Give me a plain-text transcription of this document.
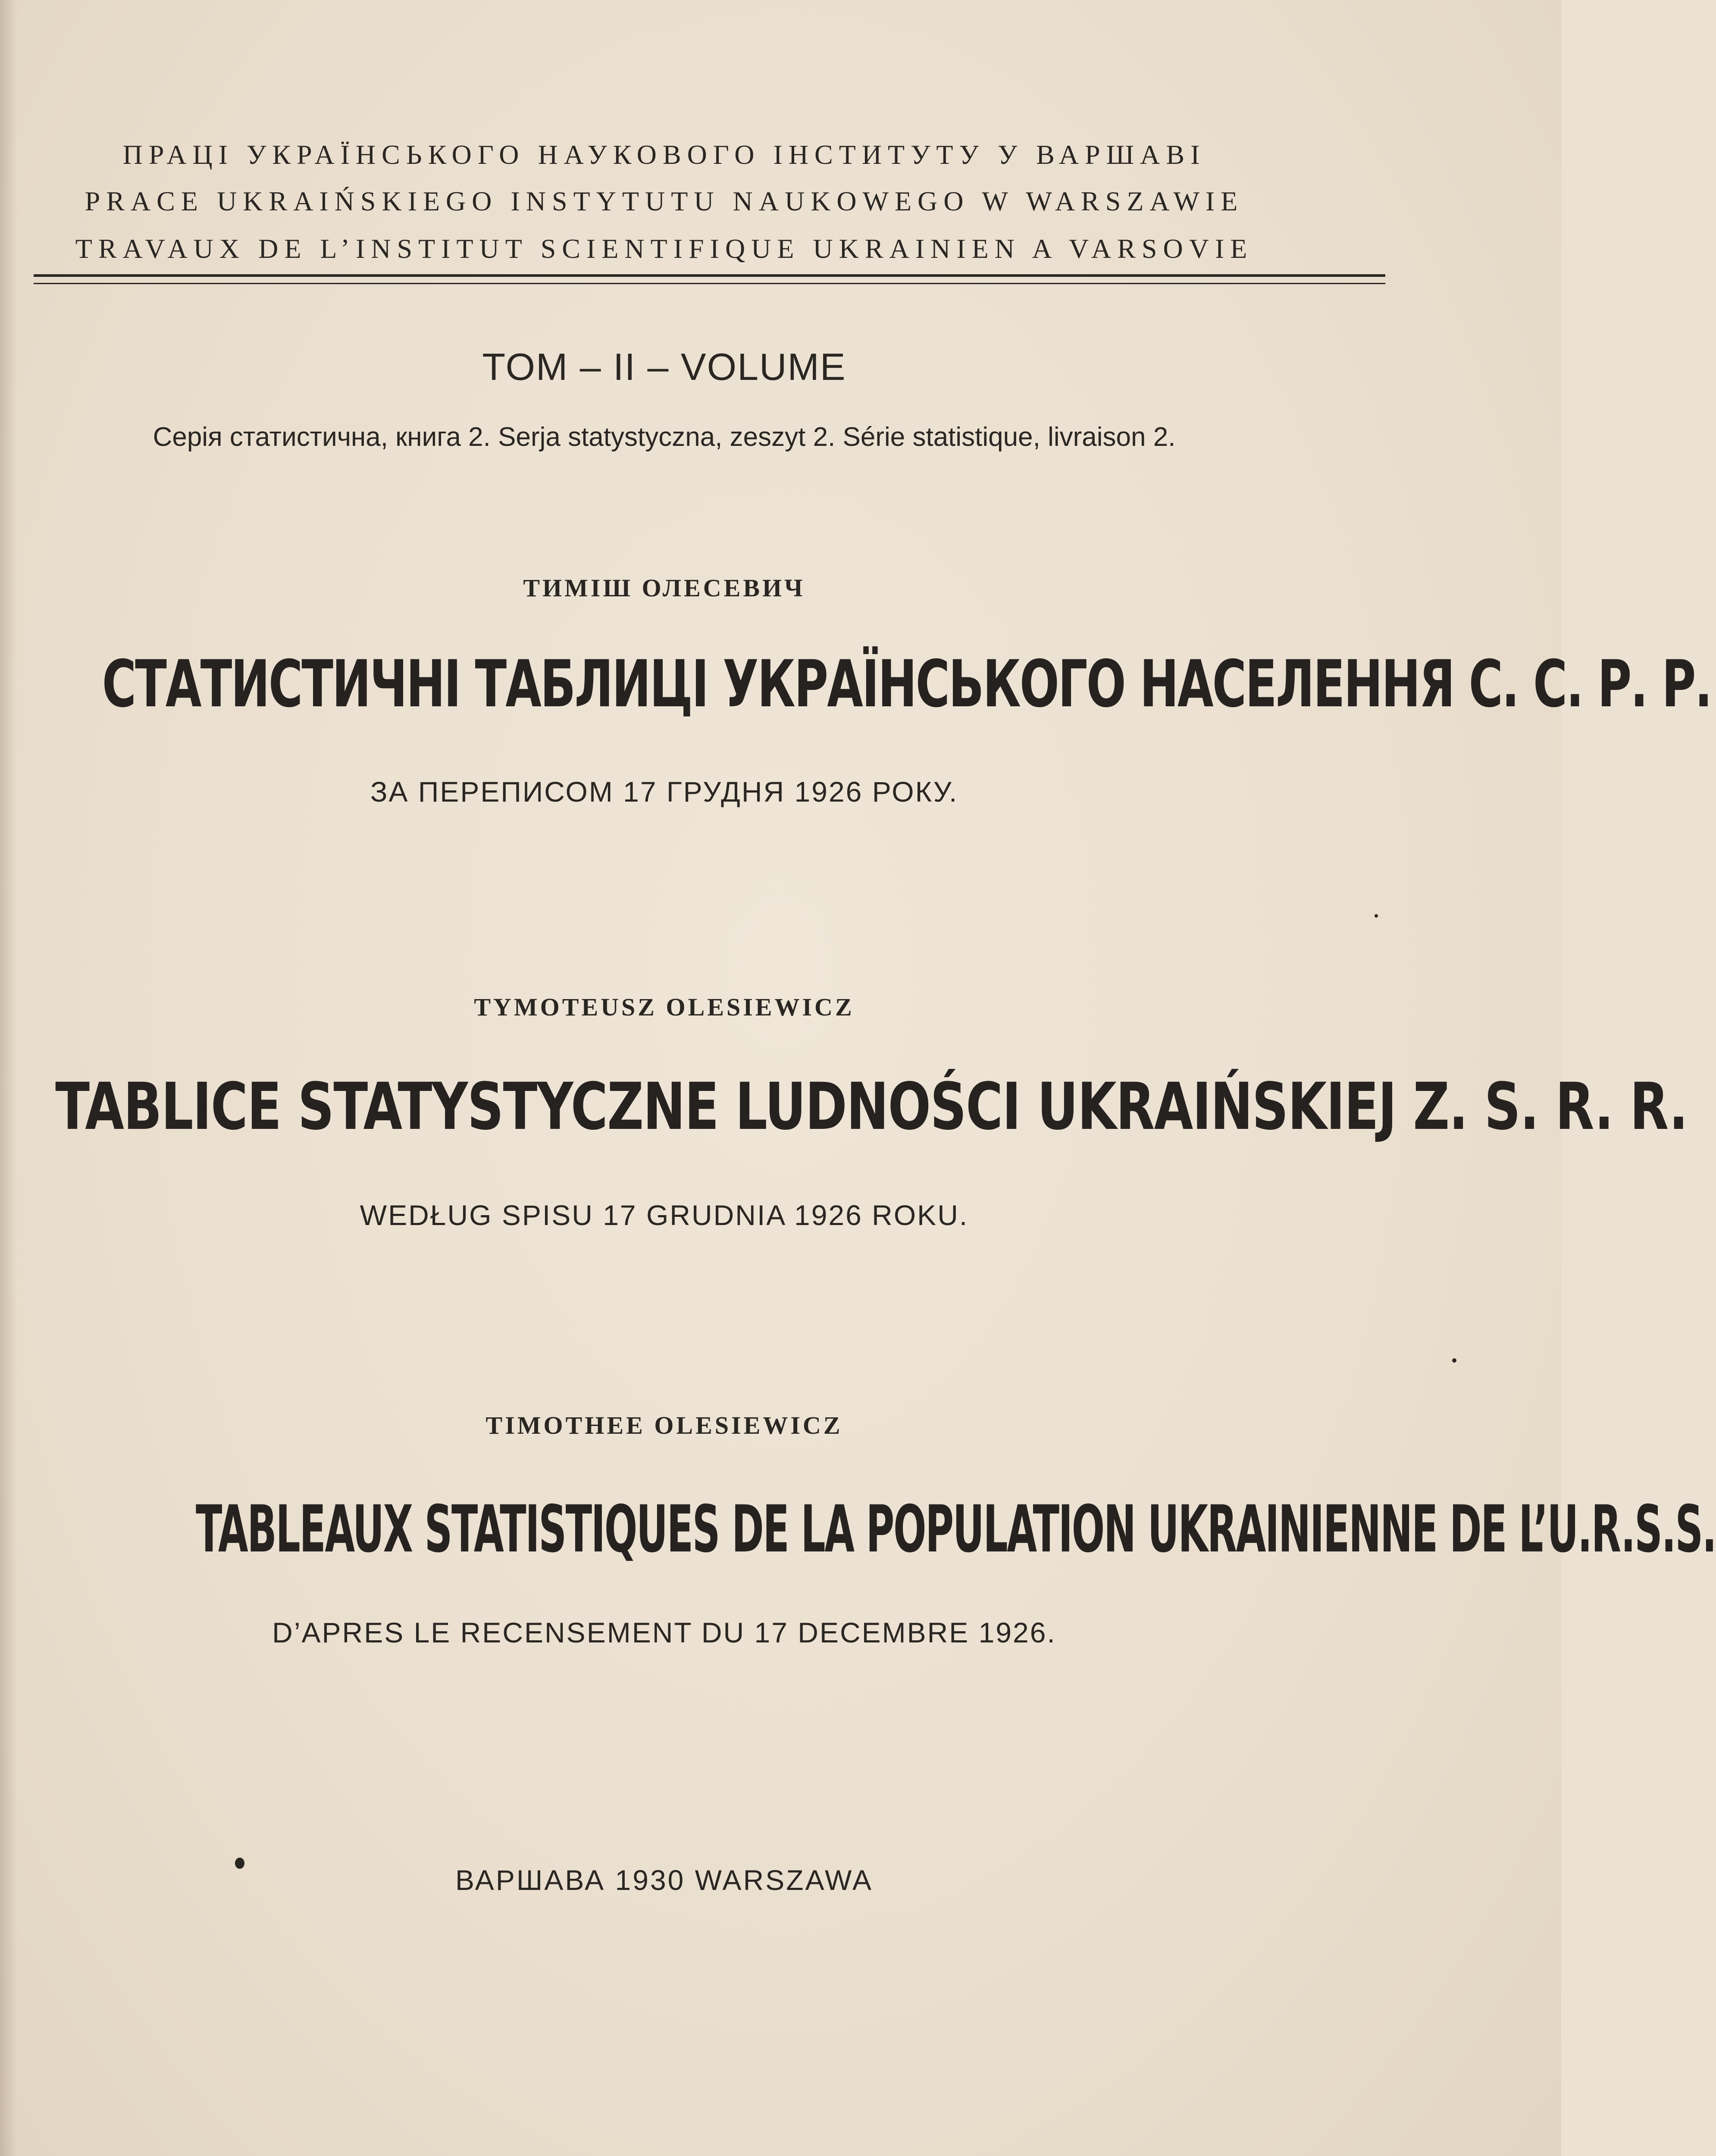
ПРАЦІ УКРАЇНСЬКОГО НАУКОВОГО ІНСТИТУТУ У ВАРШАВІ
PRACE UKRAIŃSKIEGO INSTYTUTU NAUKOWEGO W WARSZAWIE
TRAVAUX DE L’INSTITUT SCIENTIFIQUE UKRAINIEN A VARSOVIE
TOM – II – VOLUME
Серія статистична, книга 2. Serja statystyczna, zeszyt 2. Série statistique, livraison 2.
ТИМІШ ОЛЕСЕВИЧ
СТАТИСТИЧНІ ТАБЛИЦІ УКРАЇНСЬКОГО НАСЕЛЕННЯ С. С. Р. Р.
ЗА ПЕРЕПИСОМ 17 ГРУДНЯ 1926 РОКУ.
TYMOTEUSZ OLESIEWICZ
TABLICE STATYSTYCZNE LUDNOŚCI UKRAIŃSKIEJ Z. S. R. R.
WEDŁUG SPISU 17 GRUDNIA 1926 ROKU.
TIMOTHEE OLESIEWICZ
TABLEAUX STATISTIQUES DE LA POPULATION UKRAINIENNE DE L’U.R.S.S.
D’APRES LE RECENSEMENT DU 17 DECEMBRE 1926.
ВАРШАВА 1930 WARSZAWA
